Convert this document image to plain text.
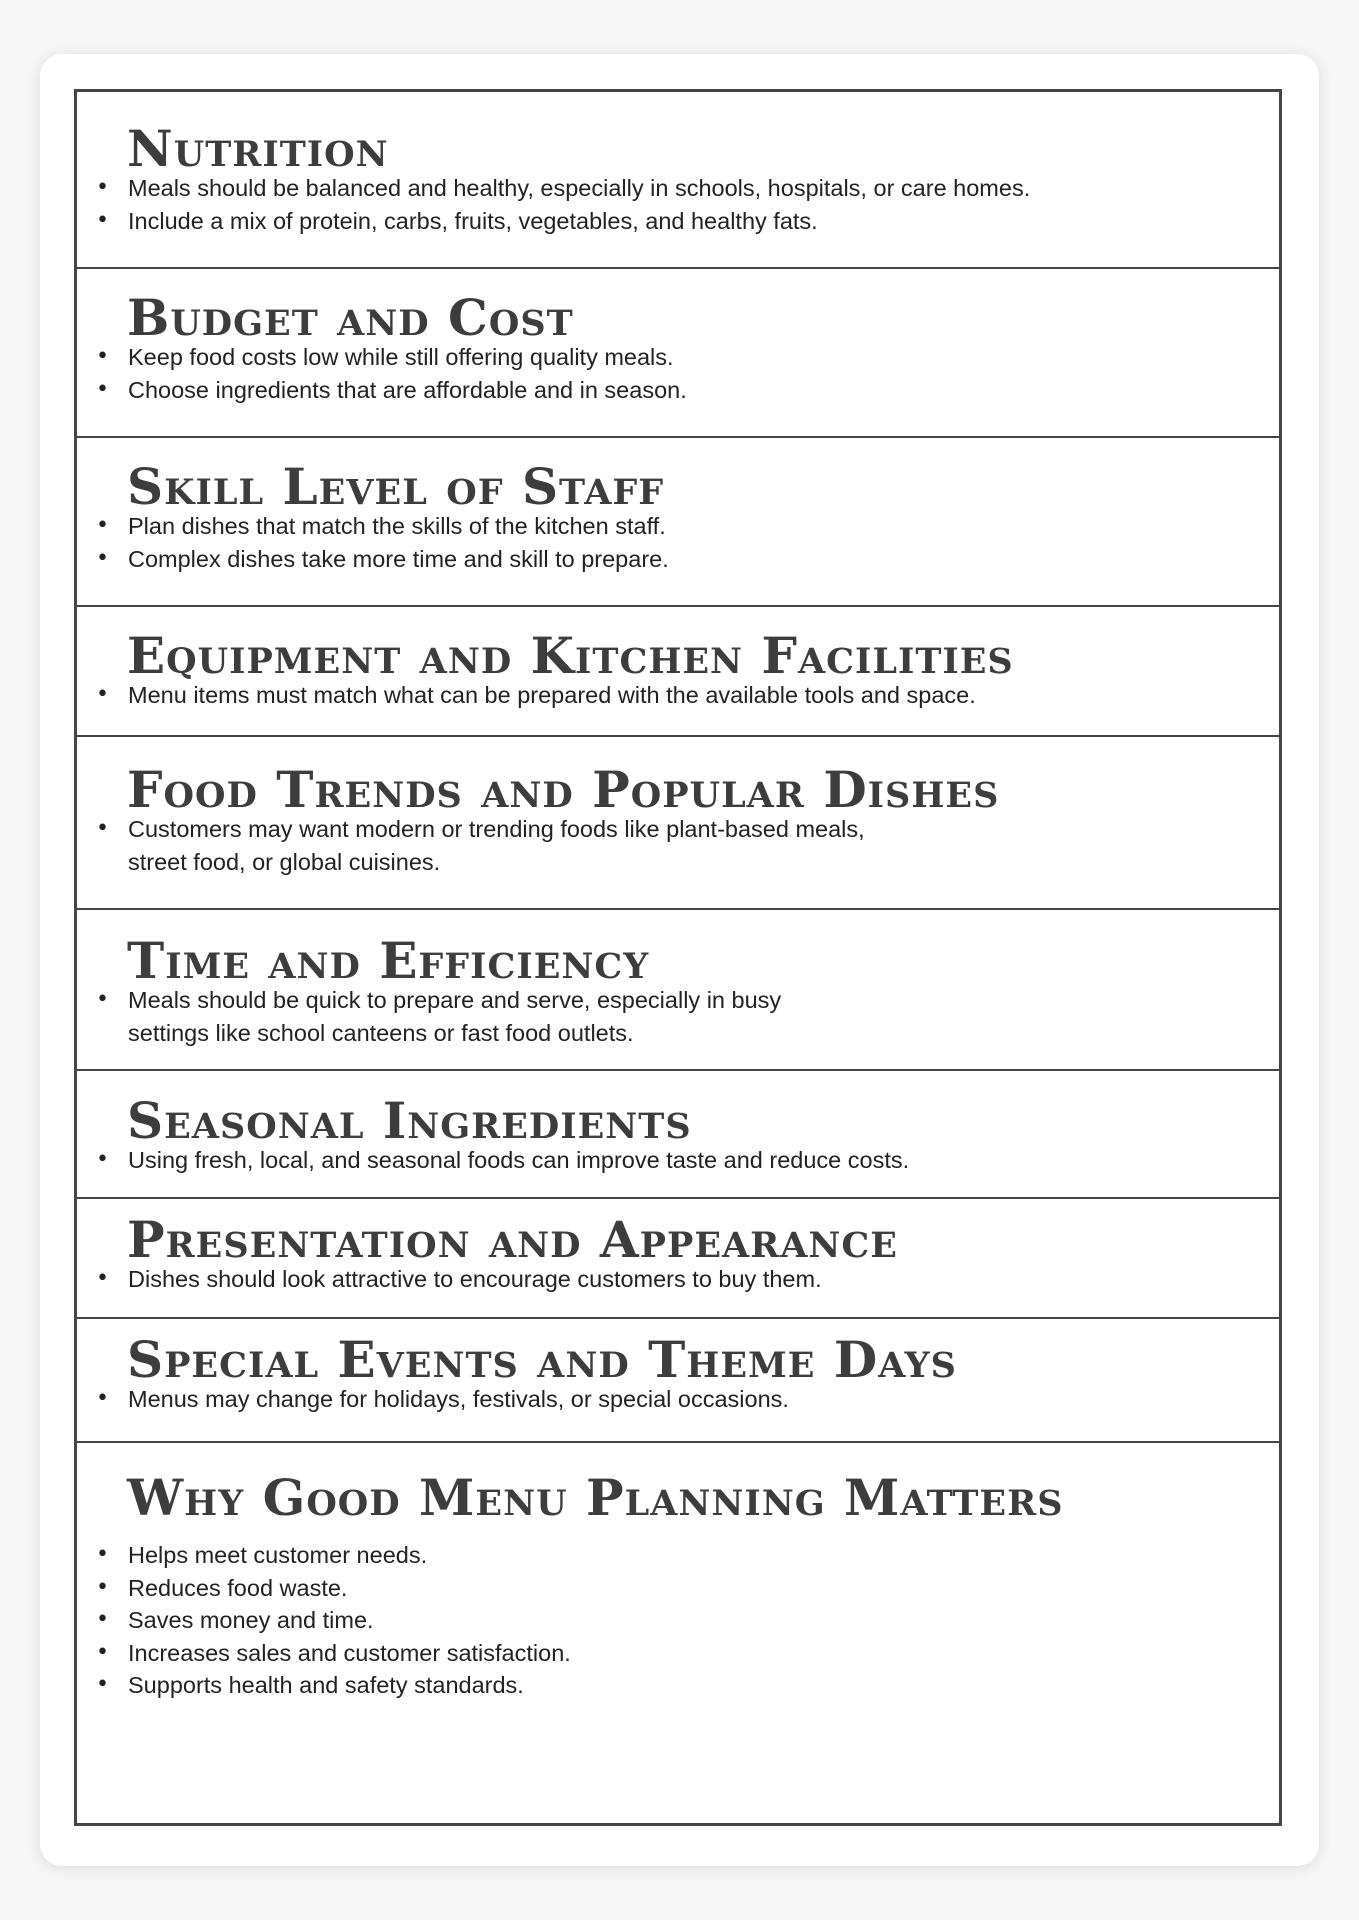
Nutrition
• Meals should be balanced and healthy, especially in schools, hospitals, or care homes.
• Include a mix of protein, carbs, fruits, vegetables, and healthy fats.
Budget and Cost
• Keep food costs low while still offering quality meals.
• Choose ingredients that are affordable and in season.
Skill Level of Staff
• Plan dishes that match the skills of the kitchen staff.
• Complex dishes take more time and skill to prepare.
Equipment and Kitchen Facilities
• Menu items must match what can be prepared with the available tools and space.
Food Trends and Popular Dishes
• Customers may want modern or trending foods like plant-based meals,
street food, or global cuisines.
Time and Efficiency
• Meals should be quick to prepare and serve, especially in busy
settings like school canteens or fast food outlets.
Seasonal Ingredients
• Using fresh, local, and seasonal foods can improve taste and reduce costs.
Presentation and Appearance
• Dishes should look attractive to encourage customers to buy them.
Special Events and Theme Days
• Menus may change for holidays, festivals, or special occasions.
Why Good Menu Planning Matters
• Helps meet customer needs.
• Reduces food waste.
• Saves money and time.
• Increases sales and customer satisfaction.
• Supports health and safety standards.
